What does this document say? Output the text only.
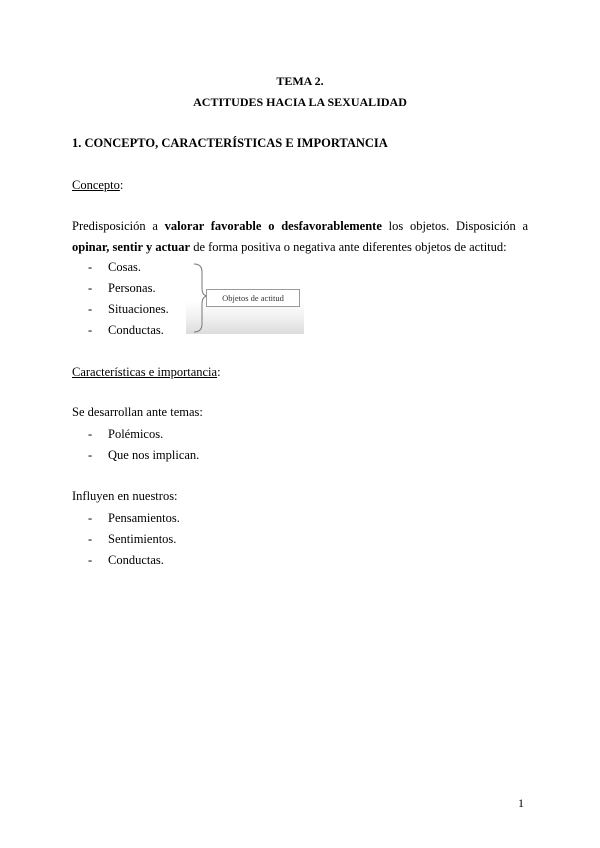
TEMA 2.
ACTITUDES HACIA LA SEXUALIDAD
1. CONCEPTO, CARACTERÍSTICAS E IMPORTANCIA
Concepto:
Predisposición a valorar favorable o desfavorablemente los objetos. Disposición a opinar, sentir y actuar de forma positiva o negativa ante diferentes objetos de actitud:
- Cosas.
- Personas.
- Situaciones.
- Conductas.
Objetos de actitud
Características e importancia:
Se desarrollan ante temas:
- Polémicos.
- Que nos implican.
Influyen en nuestros:
- Pensamientos.
- Sentimientos.
- Conductas.
1
